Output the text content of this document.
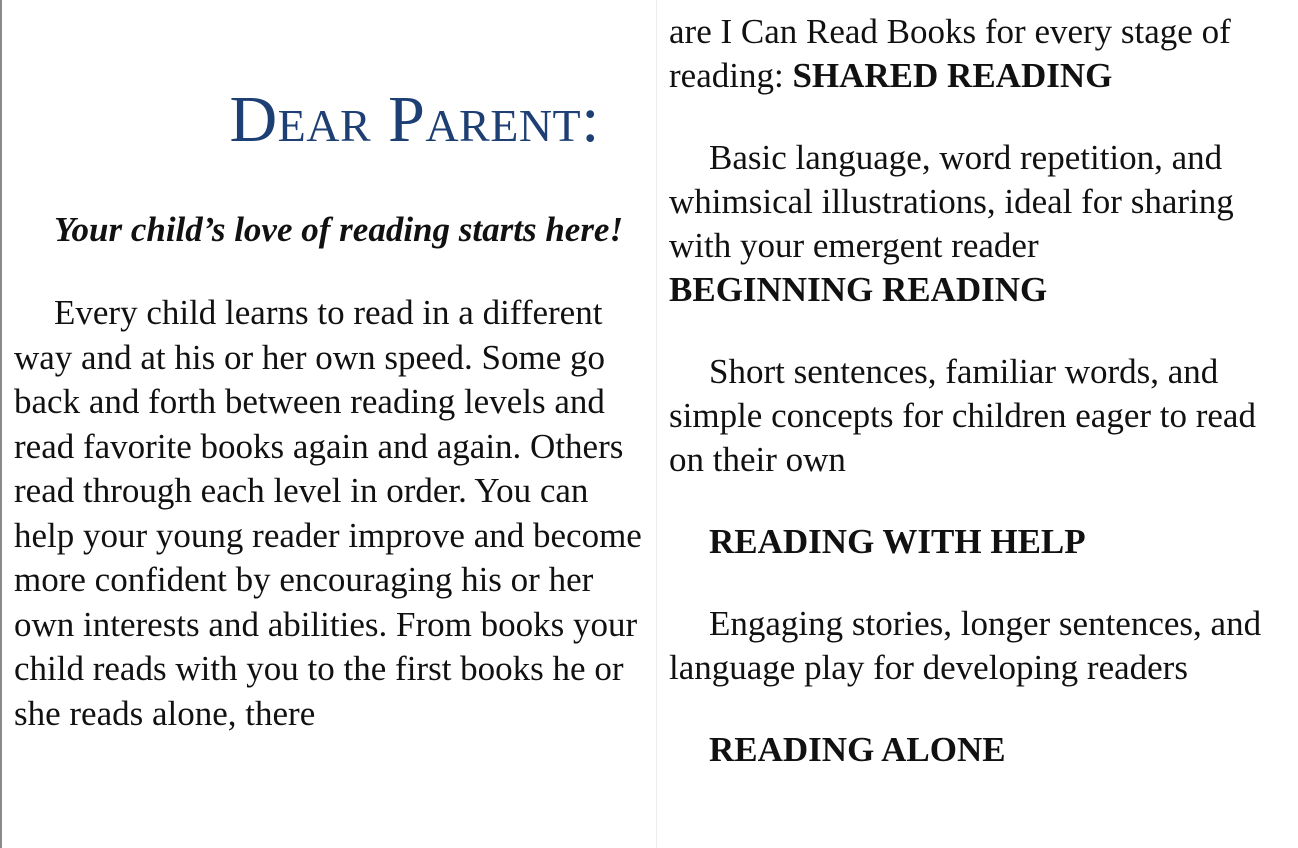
Dear Parent:

Your child’s love of reading starts here!

Every child learns to read in a different way and at his or her own speed. Some go back and forth between reading levels and read favorite books again and again. Others read through each level in order. You can help your young reader improve and become more confident by encouraging his or her own interests and abilities. From books your child reads with you to the first books he or she reads alone, there

are I Can Read Books for every stage of reading: SHARED READING

Basic language, word repetition, and whimsical illustrations, ideal for sharing with your emergent reader
BEGINNING READING

Short sentences, familiar words, and simple concepts for children eager to read on their own

READING WITH HELP

Engaging stories, longer sentences, and language play for developing readers

READING ALONE
